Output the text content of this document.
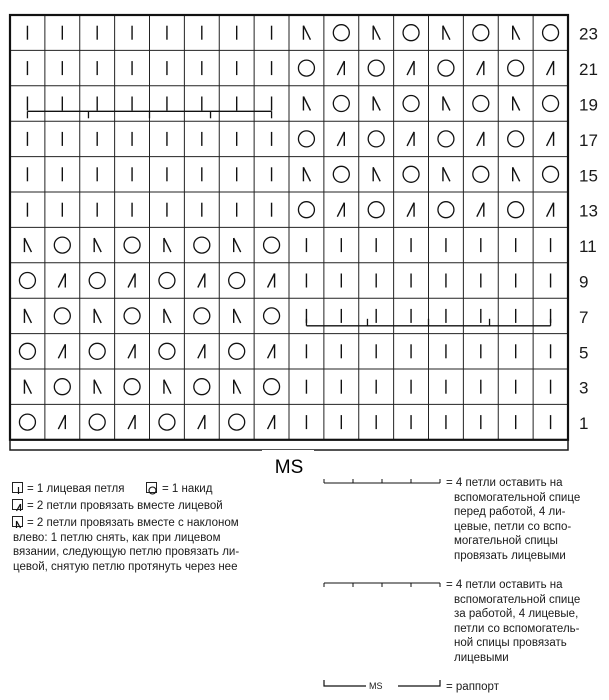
23
21
19
17
15
13
11
9
7
5
3
1
MS
= 1 лицевая петля	= 1 накид
= 2 петли провязать вместе лицевой
= 2 петли провязать вместе с наклоном
влево: 1 петлю снять, как при лицевом
вязании, следующую петлю провязать ли-
цевой, снятую петлю протянуть через нее
= 4 петли оставить на
вспомогательной спице
перед работой, 4 ли-
цевые, петли со вспо-
могательной спицы
провязать лицевыми
= 4 петли оставить на
вспомогательной спице
за работой, 4 лицевые,
петли со вспомогатель-
ной спицы провязать
лицевыми
MS	= раппорт
